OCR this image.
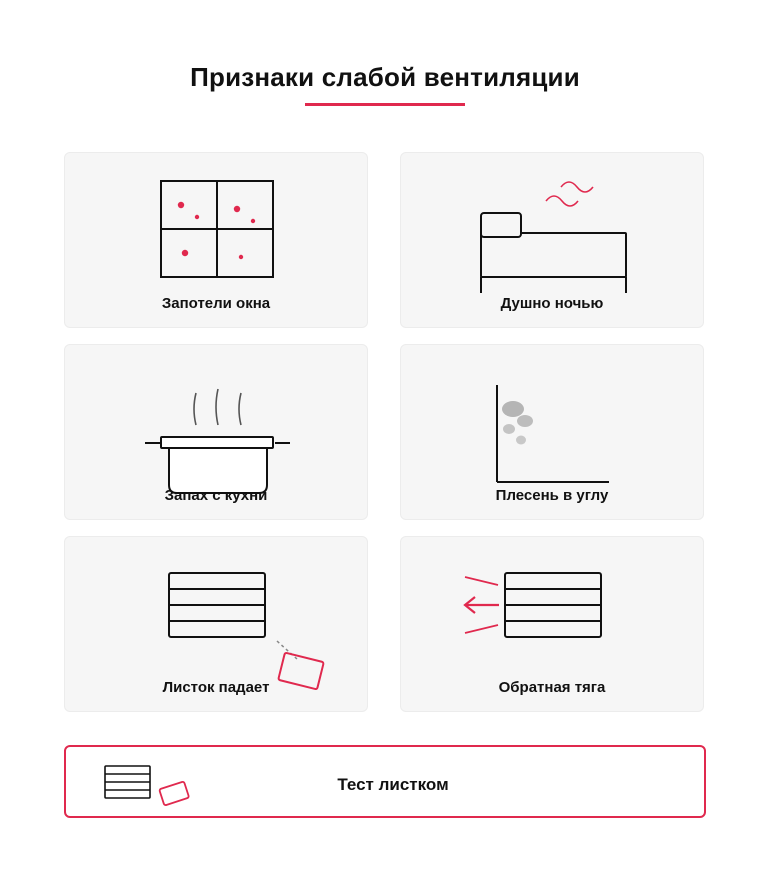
Признаки слабой вентиляции
Запотели окна	Душно ночью
Запах с кухни	Плесень в углу
Листок падает	Обратная тяга
Тест листком
